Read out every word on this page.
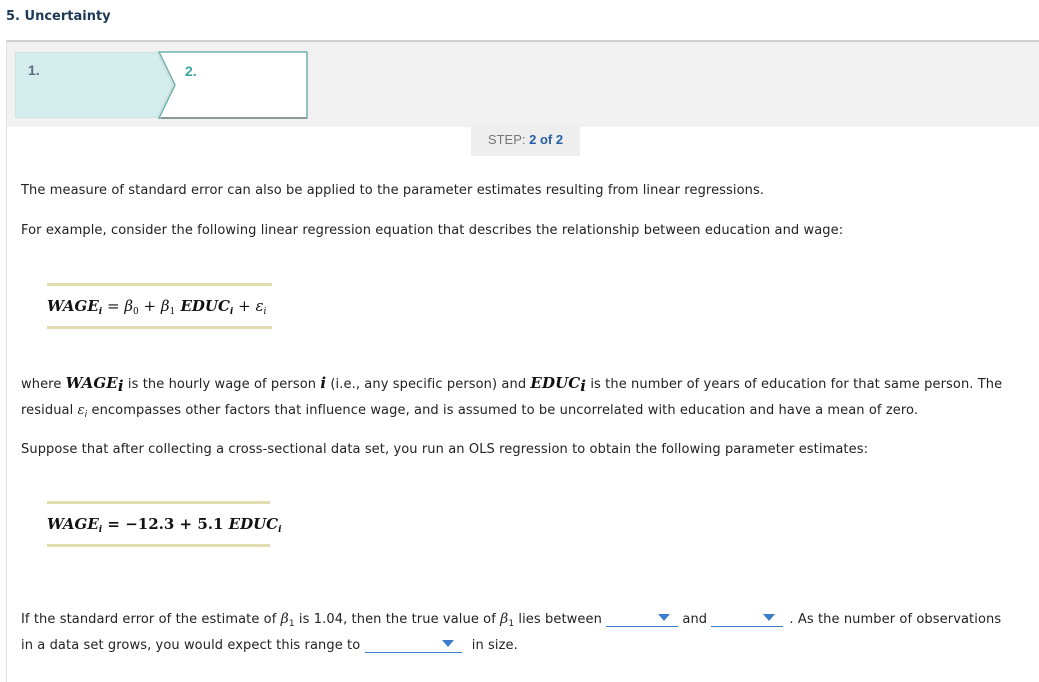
5. Uncertainty
1.	2.
STEP: 2 of 2
The measure of standard error can also be applied to the parameter estimates resulting from linear regressions.
For example, consider the following linear regression equation that describes the relationship between education and wage:
$WAGE_i = \beta_0 + \beta_1$ $EDUC_i + \varepsilon_i$
where $WAGE_i$ is the hourly wage of person i (i.e., any specific person) and $EDUC_i$ is the number of years of education for that same person. The
residual $\varepsilon_i$ encompasses other factors that influence wage, and is assumed to be uncorrelated with education and have a mean of zero.
Suppose that after collecting a cross-sectional data set, you run an OLS regression to obtain the following parameter estimates:
$WAGE_i = -12.3 + 5.1$ $EDUC_i$
If the standard error of the estimate of $\beta_1$ is 1.04, then the true value of $\beta_1$ lies between	and	. As the number of observations
in a data set grows, you would expect this range to	in size.
